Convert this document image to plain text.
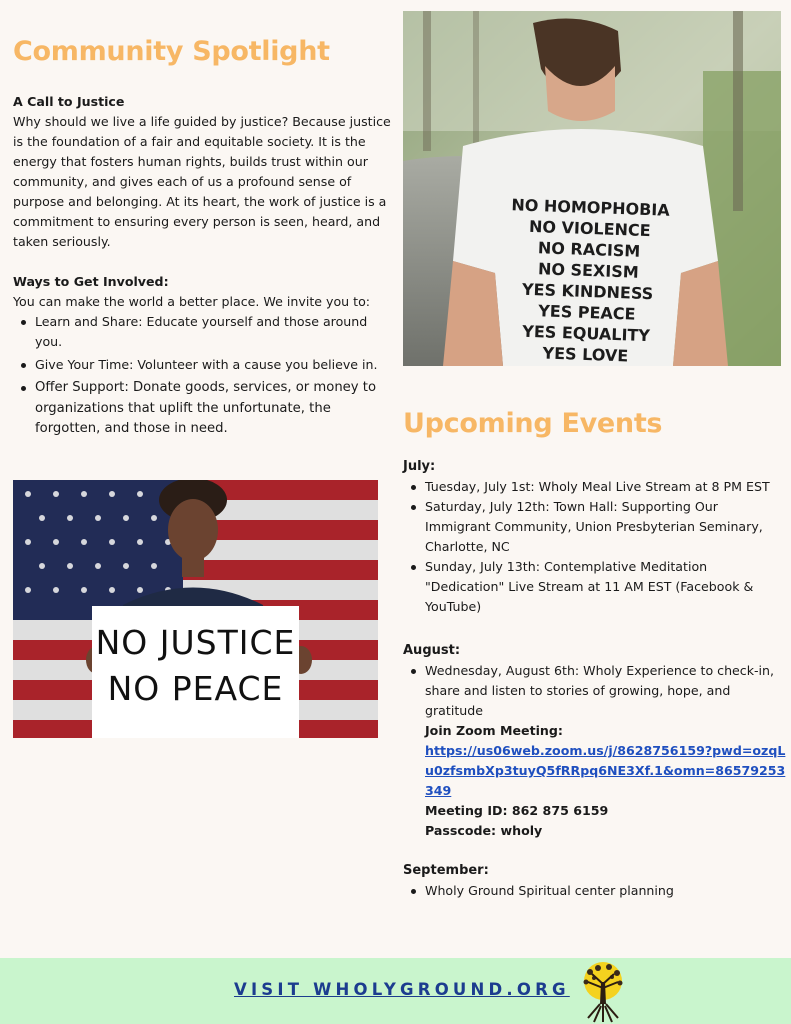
Community Spotlight

A Call to Justice

Why should we live a life guided by justice? Because justice is the foundation of a fair and equitable society. It is the energy that fosters human rights, builds trust within our community, and gives each of us a profound sense of purpose and belonging. At its heart, the work of justice is a commitment to ensuring every person is seen, heard, and taken seriously.

Ways to Get Involved:

You can make the world a better place. We invite you to:

Learn and Share: Educate yourself and those around you.
Give Your Time: Volunteer with a cause you believe in.
Offer Support: Donate goods, services, or money to organizations that uplift the unfortunate, the forgotten, and those in need.
NO HOMOPHOBIA
NO VIOLENCE
NO RACISM
NO SEXISM
YES KINDNESS
YES PEACE
YES EQUALITY
YES LOVE
NO JUSTICE
NO PEACE
Upcoming Events

July:

Tuesday, July 1st: Wholy Meal Live Stream at 8 PM EST
Saturday, July 12th: Town Hall: Supporting Our Immigrant Community, Union Presbyterian Seminary, Charlotte, NC
Sunday, July 13th: Contemplative Meditation "Dedication" Live Stream at 11 AM EST (Facebook & YouTube)

August:

Wednesday, August 6th: Wholy Experience to check-in, share and listen to stories of growing, hope, and gratitude

Join Zoom Meeting:

https://us06web.zoom.us/j/8628756159?pwd=ozqLu0zfsmbXp3tuyQ5fRRpq6NE3Xf.1&omn=86579253349

Meeting ID: 862 875 6159

Passcode: wholy

September:

Wholy Ground Spiritual center planning
VISIT WHOLYGROUND.ORG
